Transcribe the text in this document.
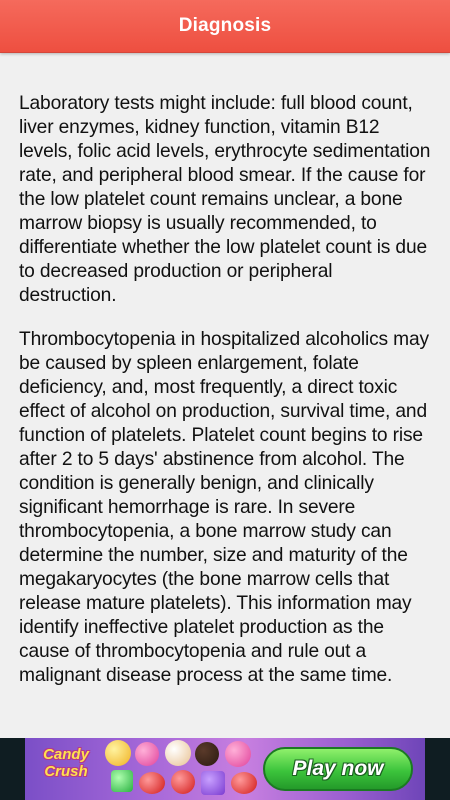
Diagnosis

Laboratory tests might include: full blood count, liver enzymes, kidney function, vitamin B12 levels, folic acid levels, erythrocyte sedimentation rate, and peripheral blood smear. If the cause for the low platelet count remains unclear, a bone marrow biopsy is usually recommended, to differentiate whether the low platelet count is due to decreased production or peripheral destruction.

Thrombocytopenia in hospitalized alcoholics may be caused by spleen enlargement, folate deficiency, and, most frequently, a direct toxic effect of alcohol on production, survival time, and function of platelets. Platelet count begins to rise after 2 to 5 days' abstinence from alcohol. The condition is generally benign, and clinically significant hemorrhage is rare. In severe thrombocytopenia, a bone marrow study can determine the number, size and maturity of the megakaryocytes (the bone marrow cells that release mature platelets). This information may identify ineffective platelet production as the cause of thrombocytopenia and rule out a malignant disease process at the same time.

Candy
Crush	Play now
